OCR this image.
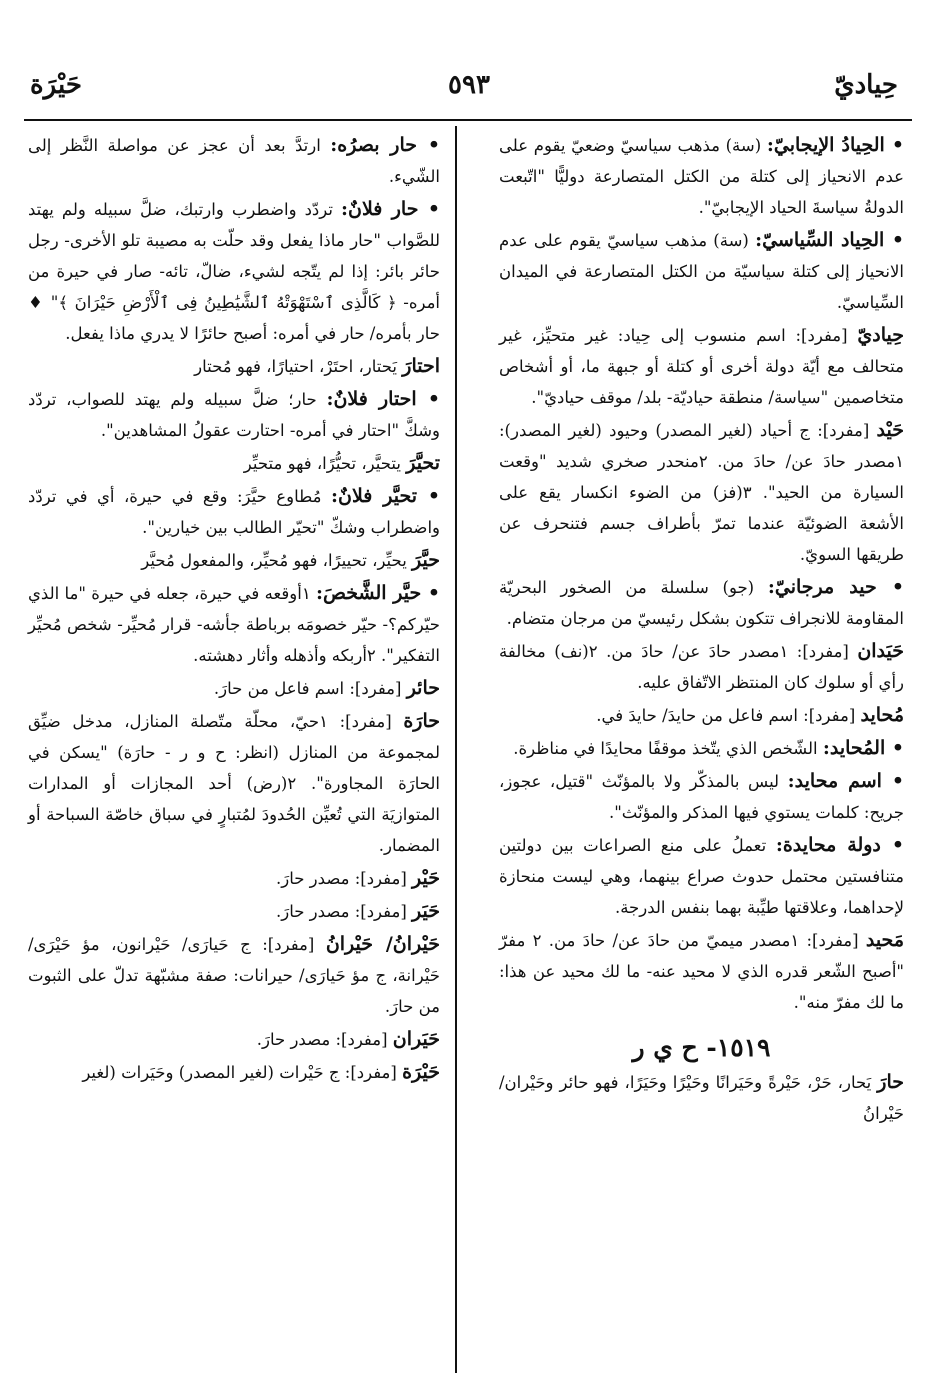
٥٩٣	حِياديّ
حَيْرَة

• الحِيادُ الإيجابيّ: (سة) مذهب سياسيّ وضعيّ يقوم على عدم الانحياز إلى كتلة من الكتل المتصارعة دوليًّا "اتّبعت الدولةُ سياسةَ الحياد الإيجابيّ".

• الحِياد السِّياسيّ: (سة) مذهب سياسيّ يقوم على عدم الانحياز إلى كتلة سياسيّة من الكتل المتصارعة في الميدان السِّياسيّ.

حِياديّ [مفرد]: اسم منسوب إلى حِياد: غير متحيِّز، غير متحالف مع أيّة دولة أخرى أو كتلة أو جبهة ما، أو أشخاص متخاصمين "سياسة/ منطقة حياديّة- بلد/ موقف حياديّ".

حَيْد [مفرد]: ج أحياد (لغير المصدر) وحيود (لغير المصدر): ١مصدر حادَ عن/ حادَ من. ٢منحدر صخري شديد "وقعت السيارة من الحيد". ٣(فز) من الضوء انكسار يقع على الأشعة الضوئيّة عندما تمرّ بأطراف جسم فتنحرف عن طريقها السويّ.

• حيد مرجانيّ: (جو) سلسلة من الصخور البحريّة المقاومة للانجراف تتكون بشكل رئيسيّ من مرجان متضام.

حَيَدان [مفرد]: ١مصدر حادَ عن/ حادَ من. ٢(نف) مخالفة رأي أو سلوك كان المنتظر الاتّفاق عليه.

مُحايد [مفرد]: اسم فاعل من حايدَ/ حايدَ في.

• المُحايد: الشّخص الذي يتّخذ موقفًا محايدًا في مناظرة.

• اسم محايد: ليس بالمذكّر ولا بالمؤنّث "قتيل، عجوز، جريح: كلمات يستوي فيها المذكر والمؤنّث".

• دولة محايدة: تعملُ على منع الصراعات بين دولتين متنافستين محتمل حدوث صراع بينهما، وهي ليست منحازة لإحداهما، وعلاقتها طيِّبة بهما بنفس الدرجة.

مَحيد [مفرد]: ١مصدر ميميّ من حادَ عن/ حادَ من. ٢ مفرّ "أصبح الشّعر قدره الذي لا محيد عنه- ما لك محيد عن هذا: ما لك مفرّ منه".

١٥١٩- ح ي ر

حارَ يَحار، حَرْ، حَيْرةً وحَيَرانًا وحَيْرًا وحَيَرًا، فهو حائر وحَيْران/ حَيْرانُ

• حار بصرُه: ارتدَّ بعد أن عجز عن مواصلة النَّظر إلى الشّيء.

• حار فلانٌ: تردّد واضطرب وارتبك، ضلَّ سبيله ولم يهتد للصَّواب "حار ماذا يفعل وقد حلّت به مصيبة تلو الأخرى- رجل حائر بائر: إذا لم يتّجه لشيء، ضالّ، تائه- صار في حيرة من أمره- ﴿ كَالَّذِى ٱسْتَهْوَتْهُ ٱلشَّيَٰطِينُ فِى ٱلْأَرْضِ حَيْرَانَ ﴾" ♦ حار بأمره/ حار في أمره: أصبح حائرًا لا يدري ماذا يفعل.

احتارَ يَحتار، احتَرْ، احتيارًا، فهو مُحتار

• احتار فلانٌ: حار؛ ضلَّ سبيله ولم يهتد للصواب، تردّد وشكَّ "احتار في أمره- احتارت عقولُ المشاهدين".

تحيَّرَ يتحيَّر، تحيُّرًا، فهو متحيِّر

• تحيَّر فلانٌ: مُطاوع حيَّرَ: وقع في حيرة، أي في تردّد واضطراب وشكّ "تحيّر الطالب بين خيارين".

حيَّرَ يحيِّر، تحييرًا، فهو مُحيِّر، والمفعول مُحيَّر

• حيَّر الشَّخصَ: ١أوقعه في حيرة، جعله في حيرة "ما الذي حيّركم؟- حيّر خصومَه برباطة جأشه- قرار مُحيِّر- شخص مُحيِّر التفكير". ٢أربكه وأذهله وأثار دهشته.

حائر [مفرد]: اسم فاعل من حارَ.

حارَة [مفرد]: ١حيّ، محلّة متّصلة المنازل، مدخل ضيِّق لمجموعة من المنازل (انظر: ح و ر - حارَة) "يسكن في الحارَة المجاورة". ٢(رض) أحد المجازات أو المدارات المتوازيَة التي تُعيِّن الحُدودَ لمُتبارٍ في سباق خاصّة السباحة أو المضمار.

حَيْر [مفرد]: مصدر حارَ.

حَيَر [مفرد]: مصدر حارَ.

حَيْرانُ/ حَيْرانُ [مفرد]: ج حَيارَى/ حَيْرانون، مؤ حَيْرَى/ حَيْرانة، ج مؤ حَيارَى/ حيرانات: صفة مشبّهة تدلّ على الثبوت من حارَ.

حَيَران [مفرد]: مصدر حارَ.

حَيْرَة [مفرد]: ج حَيْرات (لغير المصدر) وحَيَرات (لغير
